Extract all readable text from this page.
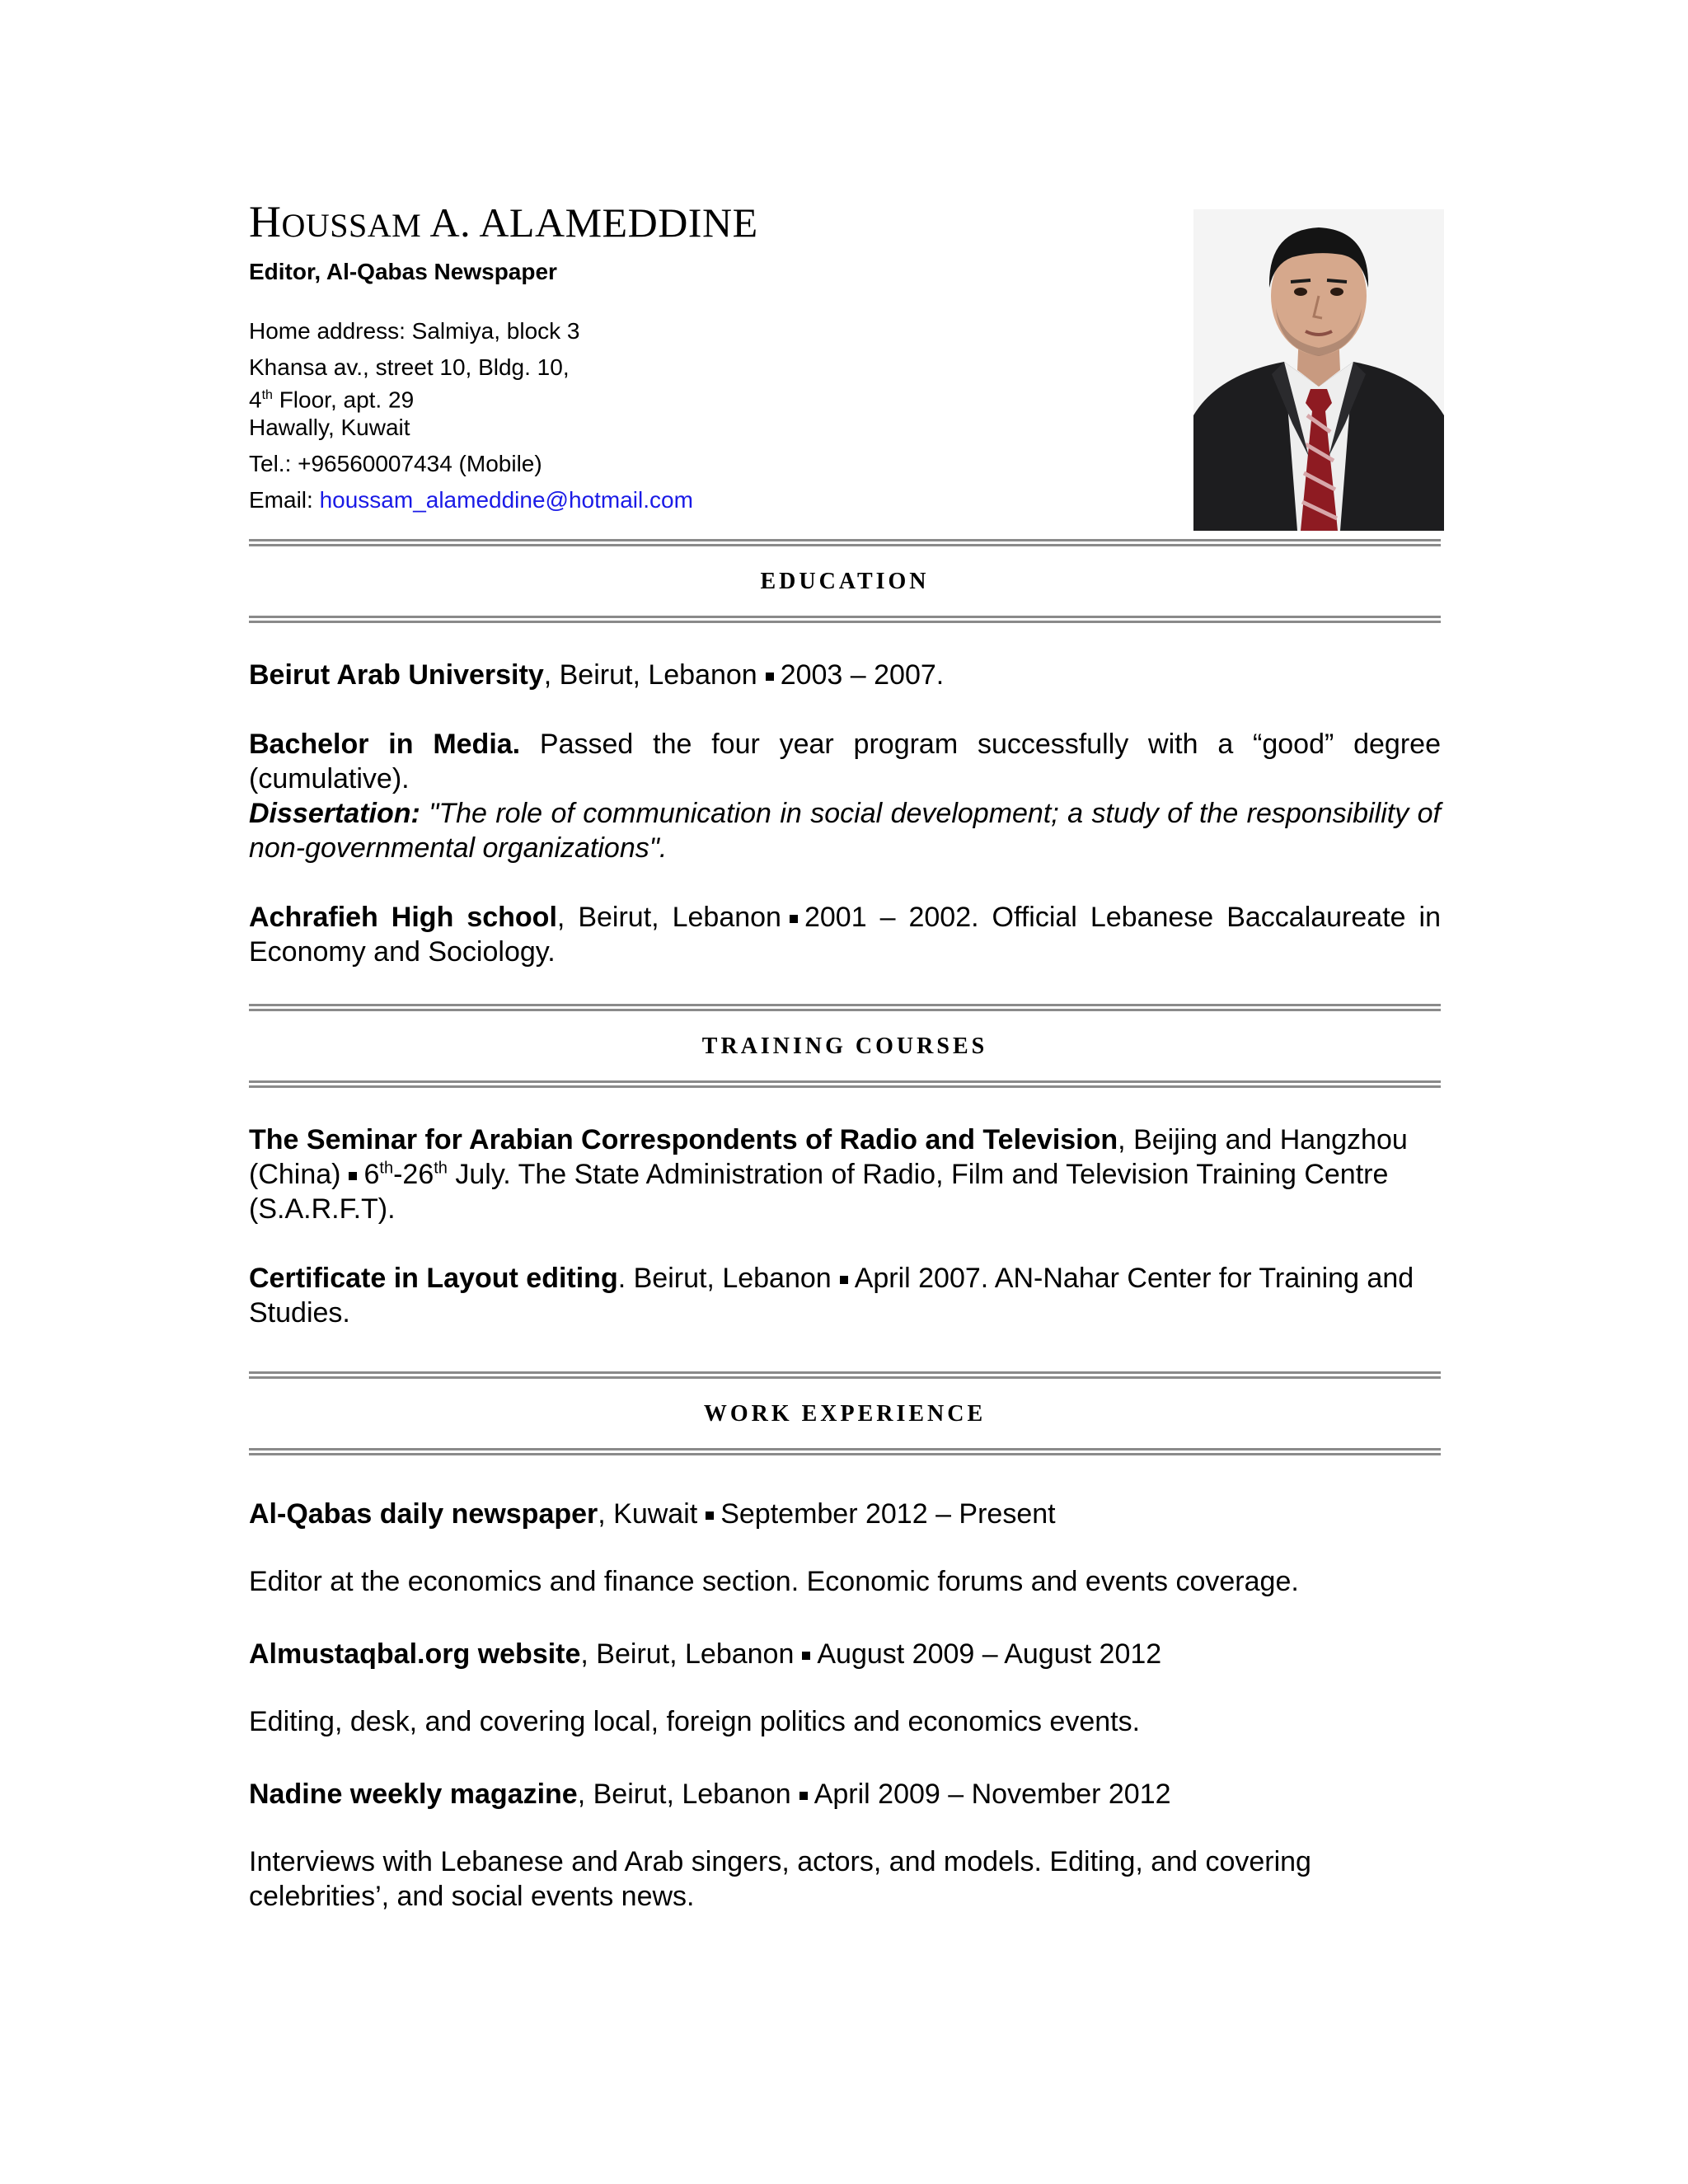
HOUSSAM A. ALAMEDDINE
Editor, Al-Qabas Newspaper
Home address: Salmiya, block 3
Khansa av., street 10, Bldg. 10,
4th Floor, apt. 29
Hawally, Kuwait
Tel.: +96560007434 (Mobile)
Email: houssam_alameddine@hotmail.com
EDUCATION
Beirut Arab University, Beirut, Lebanon 2003 – 2007.
Bachelor in Media. Passed the four year program successfully with a “good” degree (cumulative).
Dissertation: "The role of communication in social development; a study of the responsibility of non-governmental organizations".
Achrafieh High school, Beirut, Lebanon 2001 – 2002. Official Lebanese Baccalaureate in Economy and Sociology.
TRAINING COURSES
The Seminar for Arabian Correspondents of Radio and Television, Beijing and Hangzhou (China) 6th-26th July. The State Administration of Radio, Film and Television Training Centre (S.A.R.F.T).
Certificate in Layout editing. Beirut, Lebanon April 2007. AN-Nahar Center for Training and Studies.
WORK EXPERIENCE
Al-Qabas daily newspaper, Kuwait September 2012 – Present
Editor at the economics and finance section. Economic forums and events coverage.
Almustaqbal.org website, Beirut, Lebanon August 2009 – August 2012
Editing, desk, and covering local, foreign politics and economics events.
Nadine weekly magazine, Beirut, Lebanon April 2009 – November 2012
Interviews with Lebanese and Arab singers, actors, and models. Editing, and covering celebrities’, and social events news.
